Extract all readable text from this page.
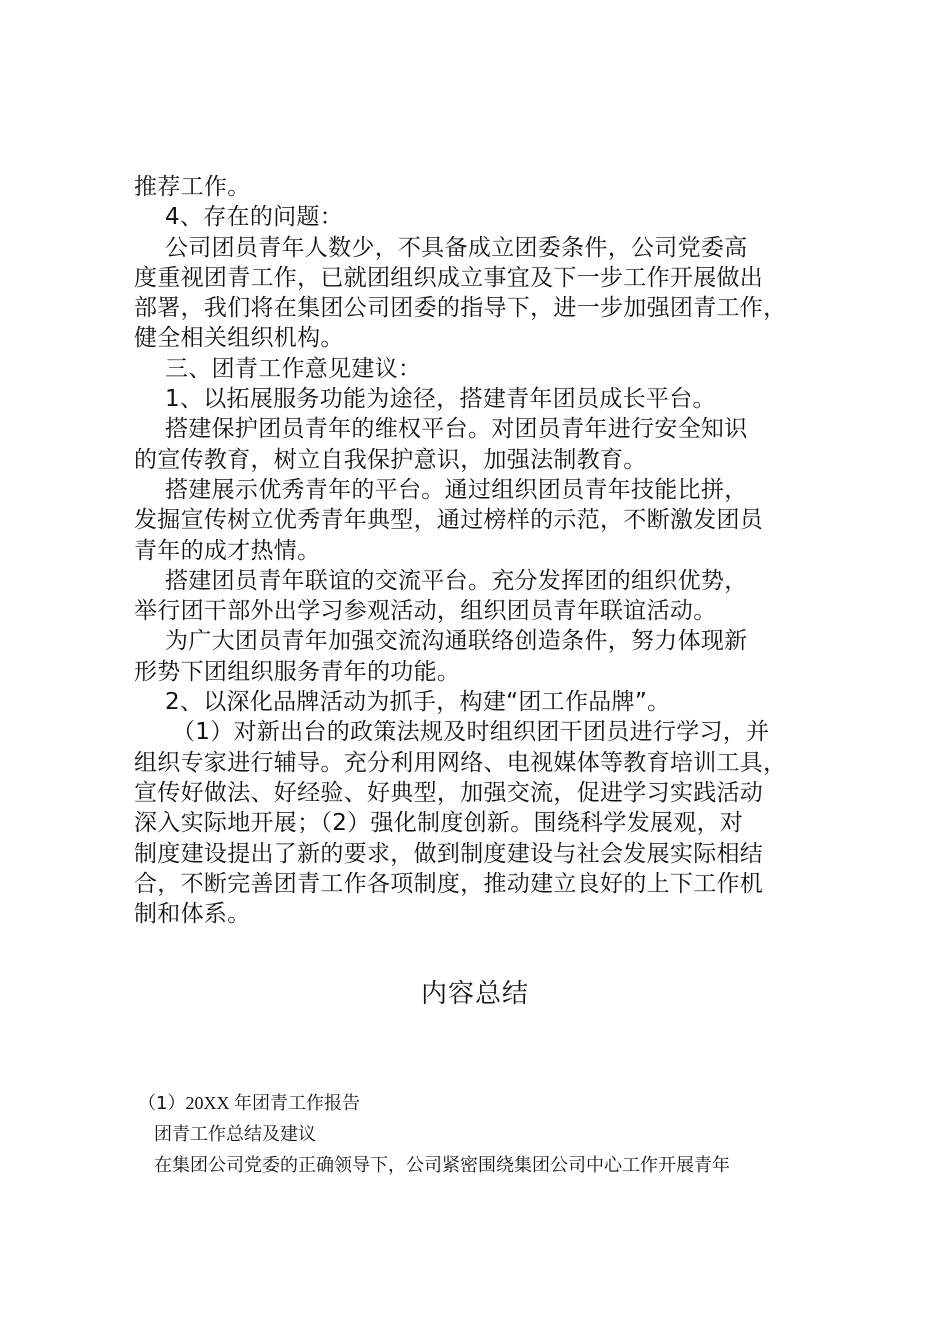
推荐工作。
4、存在的问题：
公司团员青年人数少，不具备成立团委条件，公司党委高
度重视团青工作，已就团组织成立事宜及下一步工作开展做出
部署，我们将在集团公司团委的指导下，进一步加强团青工作，
健全相关组织机构。
三、团青工作意见建议：
1、以拓展服务功能为途径，搭建青年团员成长平台。
搭建保护团员青年的维权平台。对团员青年进行安全知识
的宣传教育，树立自我保护意识，加强法制教育。
搭建展示优秀青年的平台。通过组织团员青年技能比拼，
发掘宣传树立优秀青年典型，通过榜样的示范，不断激发团员
青年的成才热情。
搭建团员青年联谊的交流平台。充分发挥团的组织优势，
举行团干部外出学习参观活动，组织团员青年联谊活动。
为广大团员青年加强交流沟通联络创造条件，努力体现新
形势下团组织服务青年的功能。
2、以深化品牌活动为抓手，构建“团工作品牌”。
（1）对新出台的政策法规及时组织团干团员进行学习，并
组织专家进行辅导。充分利用网络、电视媒体等教育培训工具，
宣传好做法、好经验、好典型，加强交流，促进学习实践活动
深入实际地开展；（2）强化制度创新。围绕科学发展观，对
制度建设提出了新的要求，做到制度建设与社会发展实际相结
合，不断完善团青工作各项制度，推动建立良好的上下工作机
制和体系。
内容总结
（1）20XX 年团青工作报告
团青工作总结及建议
在集团公司党委的正确领导下，公司紧密围绕集团公司中心工作开展青年
